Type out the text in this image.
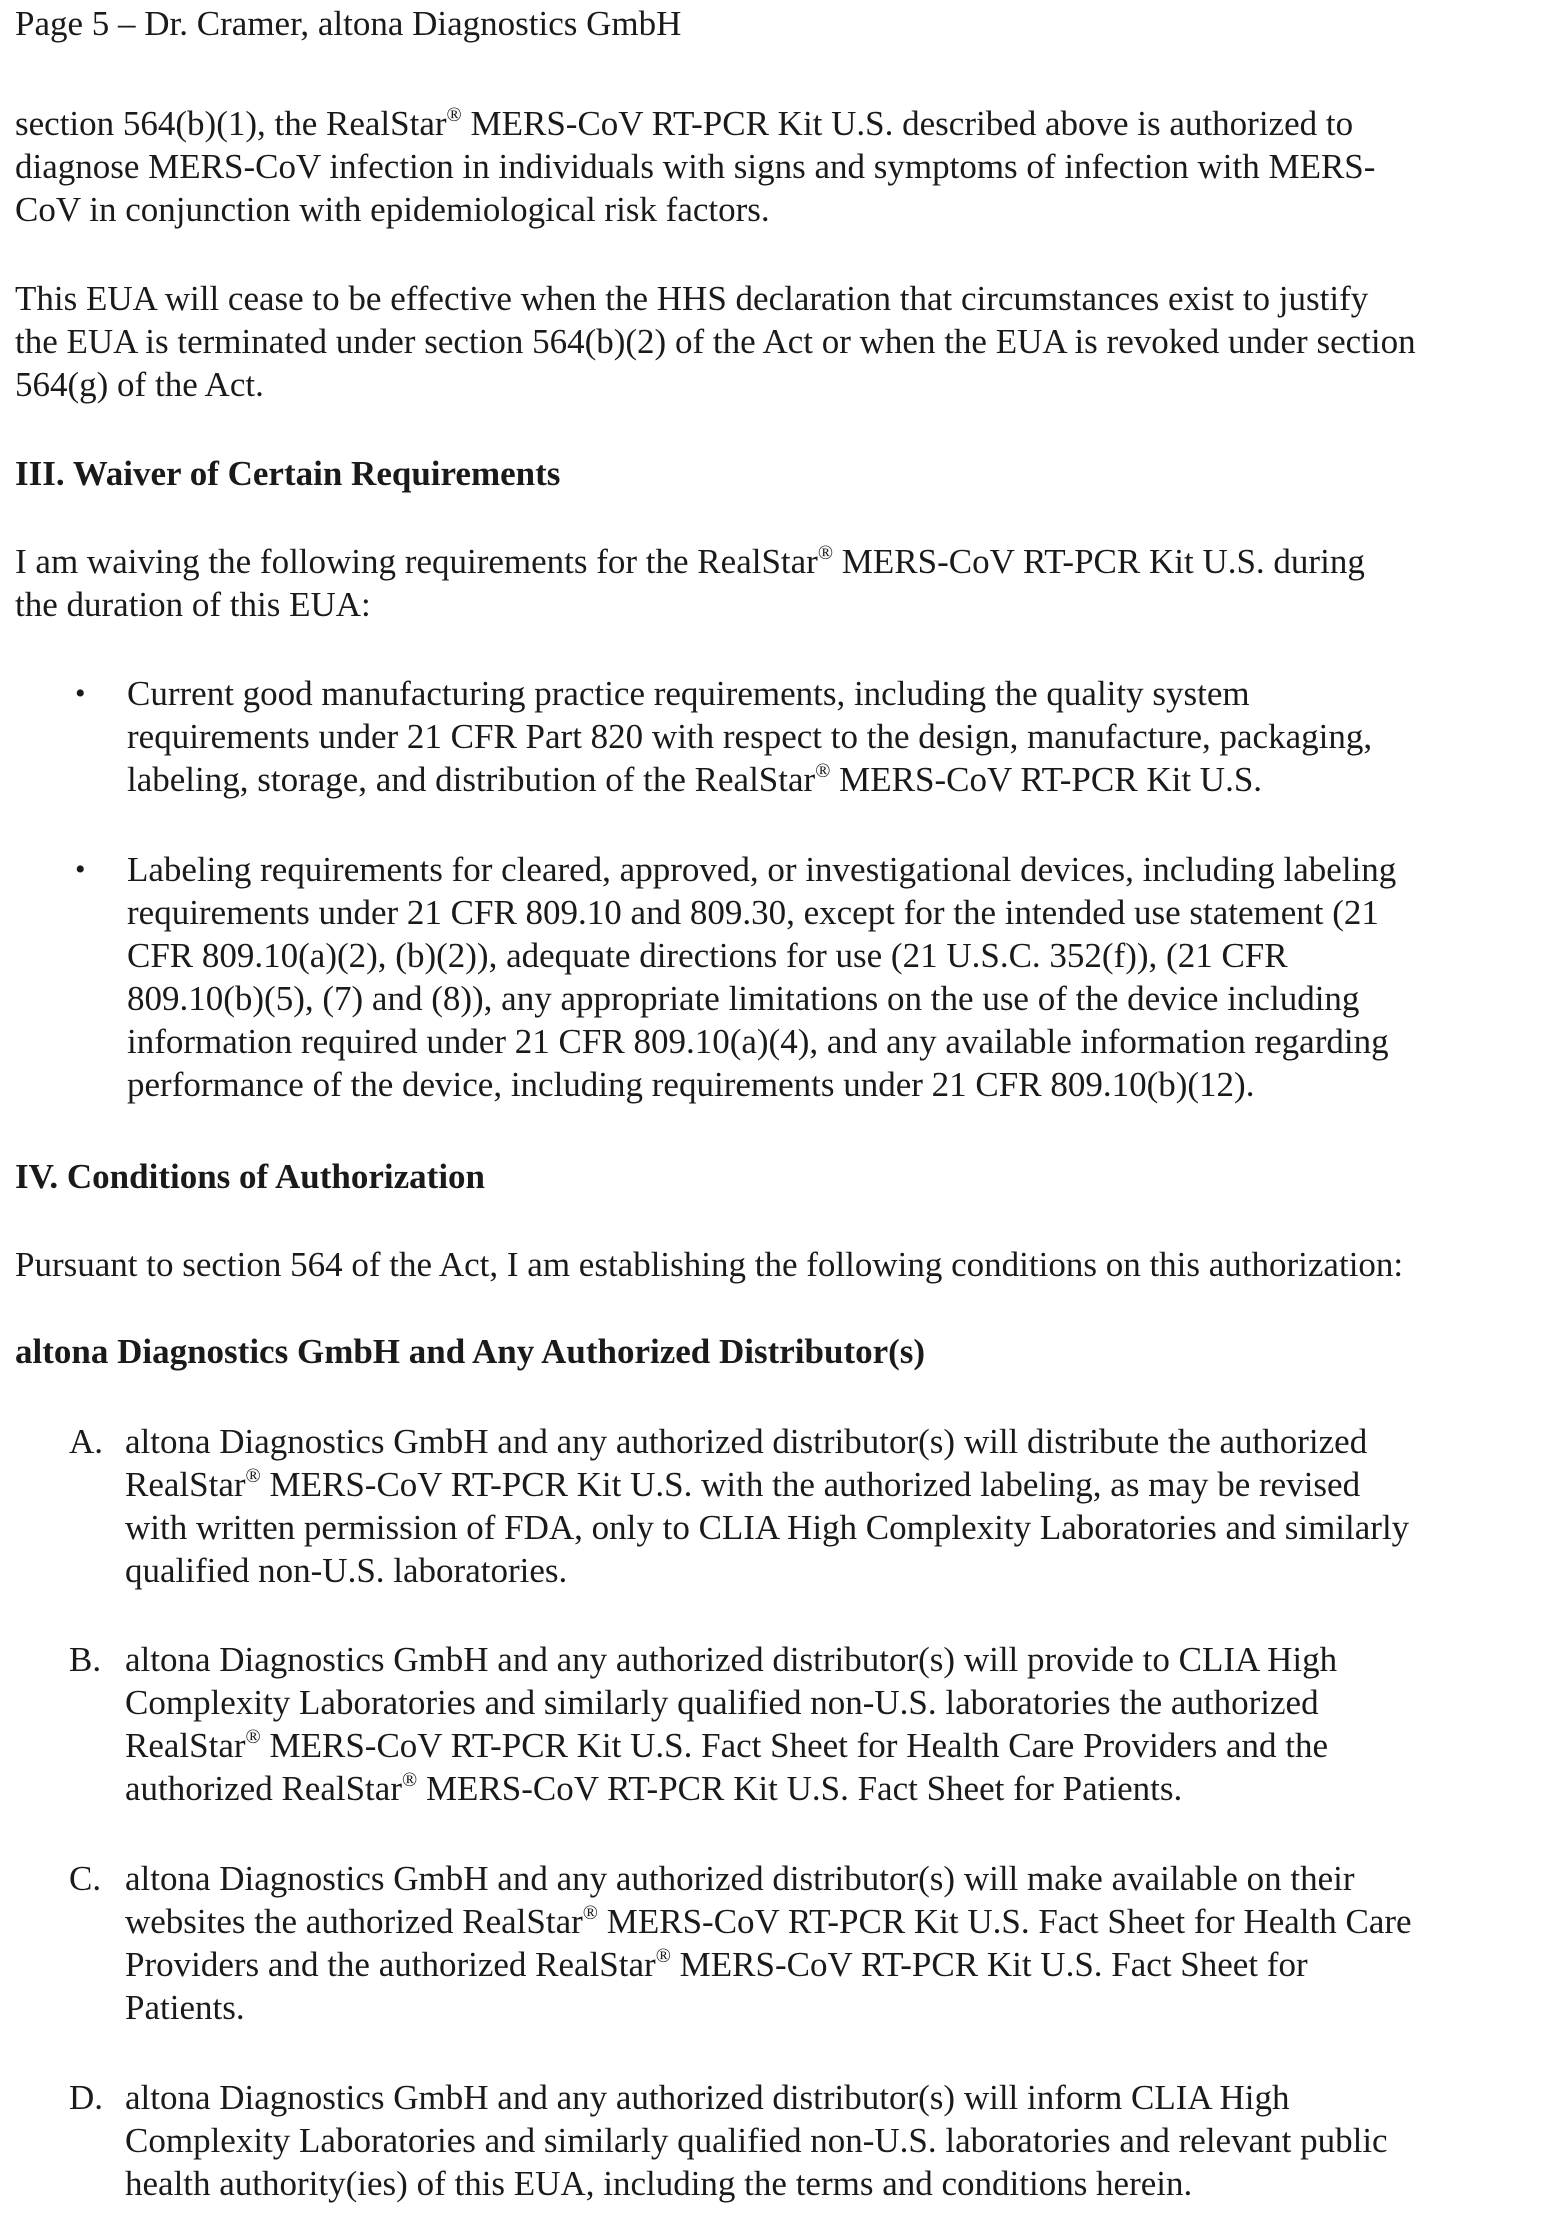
Page 5 – Dr. Cramer, altona Diagnostics GmbH
section 564(b)(1), the RealStar® MERS-CoV RT-PCR Kit U.S. described above is authorized to
diagnose MERS-CoV infection in individuals with signs and symptoms of infection with MERS-
CoV in conjunction with epidemiological risk factors.
This EUA will cease to be effective when the HHS declaration that circumstances exist to justify
the EUA is terminated under section 564(b)(2) of the Act or when the EUA is revoked under section
564(g) of the Act.
III. Waiver of Certain Requirements
I am waiving the following requirements for the RealStar® MERS-CoV RT-PCR Kit U.S. during
the duration of this EUA:
• Current good manufacturing practice requirements, including the quality system
requirements under 21 CFR Part 820 with respect to the design, manufacture, packaging,
labeling, storage, and distribution of the RealStar® MERS-CoV RT-PCR Kit U.S.
• Labeling requirements for cleared, approved, or investigational devices, including labeling
requirements under 21 CFR 809.10 and 809.30, except for the intended use statement (21
CFR 809.10(a)(2), (b)(2)), adequate directions for use (21 U.S.C. 352(f)), (21 CFR
809.10(b)(5), (7) and (8)), any appropriate limitations on the use of the device including
information required under 21 CFR 809.10(a)(4), and any available information regarding
performance of the device, including requirements under 21 CFR 809.10(b)(12).
IV. Conditions of Authorization
Pursuant to section 564 of the Act, I am establishing the following conditions on this authorization:
altona Diagnostics GmbH and Any Authorized Distributor(s)
A. altona Diagnostics GmbH and any authorized distributor(s) will distribute the authorized
RealStar® MERS-CoV RT-PCR Kit U.S. with the authorized labeling, as may be revised
with written permission of FDA, only to CLIA High Complexity Laboratories and similarly
qualified non-U.S. laboratories.
B. altona Diagnostics GmbH and any authorized distributor(s) will provide to CLIA High
Complexity Laboratories and similarly qualified non-U.S. laboratories the authorized
RealStar® MERS-CoV RT-PCR Kit U.S. Fact Sheet for Health Care Providers and the
authorized RealStar® MERS-CoV RT-PCR Kit U.S. Fact Sheet for Patients.
C. altona Diagnostics GmbH and any authorized distributor(s) will make available on their
websites the authorized RealStar® MERS-CoV RT-PCR Kit U.S. Fact Sheet for Health Care
Providers and the authorized RealStar® MERS-CoV RT-PCR Kit U.S. Fact Sheet for
Patients.
D. altona Diagnostics GmbH and any authorized distributor(s) will inform CLIA High
Complexity Laboratories and similarly qualified non-U.S. laboratories and relevant public
health authority(ies) of this EUA, including the terms and conditions herein.
